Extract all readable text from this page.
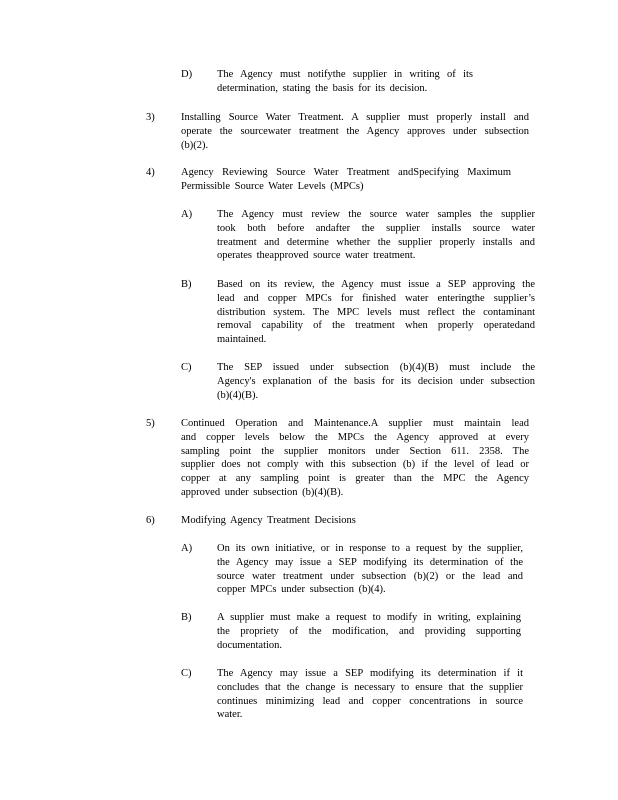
D) The Agency must notifythe supplier in writing of its
determination, stating the basis for its decision.
3)	Installing Source Water Treatment. A supplier must properly install and
operate the sourcewater treatment the Agency approves under subsection
(b)(2).
4)	Agency Reviewing Source Water Treatment andSpecifying Maximum
Permissible Source Water Levels (MPCs)
A) The Agency must review the source water samples the supplier
took both before andafter the supplier installs source water
treatment and determine whether the supplier properly installs and
operates theapproved source water treatment.
B) Based on its review, the Agency must issue a SEP approving the
lead and copper MPCs for finished water enteringthe supplier’s
distribution system. The MPC levels must reflect the contaminant
removal capability of the treatment when properly operatedand
maintained.
C) The SEP issued under subsection (b)(4)(B) must include the
Agency's explanation of the basis for its decision under subsection
(b)(4)(B).
5)	Continued Operation and Maintenance.A supplier must maintain lead
and copper levels below the MPCs the Agency approved at every
sampling point the supplier monitors under Section 611. 2358. The
supplier does not comply with this subsection (b) if the level of lead or
copper at any sampling point is greater than the MPC the Agency
approved under subsection (b)(4)(B).
6)	Modifying Agency Treatment Decisions
A) On its own initiative, or in response to a request by the supplier,
the Agency may issue a SEP modifying its determination of the
source water treatment under subsection (b)(2) or the lead and
copper MPCs under subsection (b)(4).
B) A supplier must make a request to modify in writing, explaining
the propriety of the modification, and providing supporting
documentation.
C) The Agency may issue a SEP modifying its determination if it
concludes that the change is necessary to ensure that the supplier
continues minimizing lead and copper concentrations in source
water.
